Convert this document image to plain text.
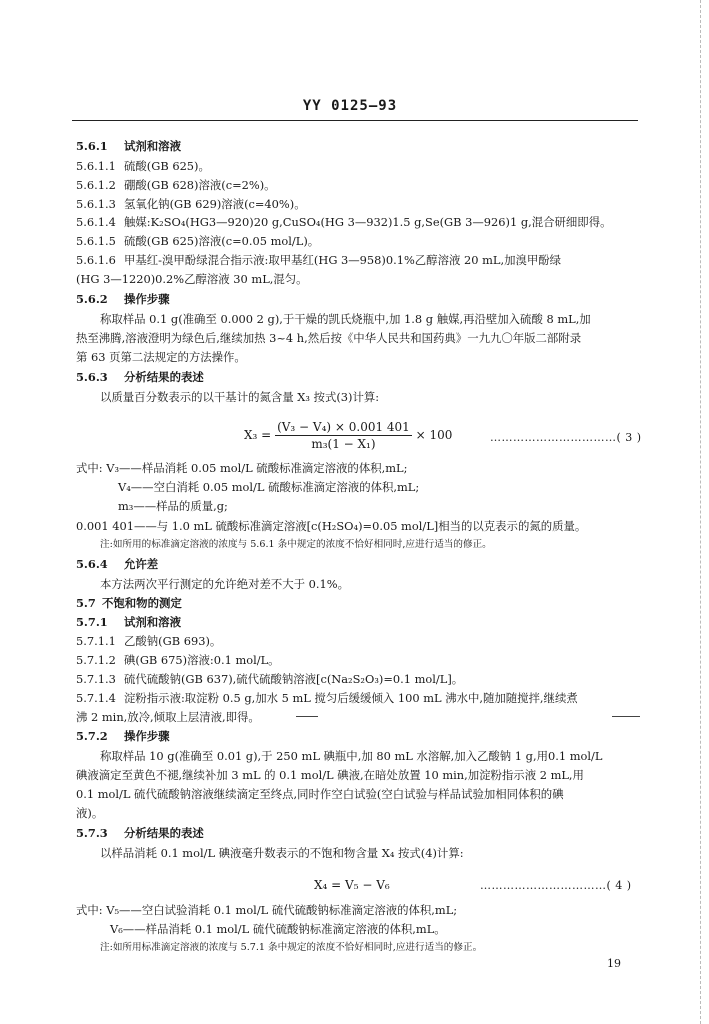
YY 0125—93
5.6.1 试剂和溶液
5.6.1.1 硫酸(GB 625)。
5.6.1.2 硼酸(GB 628)溶液(c=2%)。
5.6.1.3 氢氧化钠(GB 629)溶液(c=40%)。
5.6.1.4 触媒:K₂SO₄(HG3—920)20 g,CuSO₄(HG 3—932)1.5 g,Se(GB 3—926)1 g,混合研细即得。
5.6.1.5 硫酸(GB 625)溶液(c=0.05 mol/L)。
5.6.1.6 甲基红-溴甲酚绿混合指示液:取甲基红(HG 3—958)0.1%乙醇溶液 20 mL,加溴甲酚绿
(HG 3—1220)0.2%乙醇溶液 30 mL,混匀。
5.6.2 操作步骤
称取样品 0.1 g(准确至 0.000 2 g),于干燥的凯氏烧瓶中,加 1.8 g 触媒,再沿壁加入硫酸 8 mL,加
热至沸腾,溶液澄明为绿色后,继续加热 3~4 h,然后按《中华人民共和国药典》一九九〇年版二部附录
第 63 页第二法规定的方法操作。
5.6.3 分析结果的表述
以质量百分数表示的以干基计的氮含量 X₃ 按式(3)计算:
$X_3 = \frac{\text{(V₃ − V₄) × 0.001 401}}{\text{m₃(1 − X₁)}} \times 100$	……………………………( 3 )
式中: V₃——样品消耗 0.05 mol/L 硫酸标准滴定溶液的体积,mL;
V₄——空白消耗 0.05 mol/L 硫酸标准滴定溶液的体积,mL;
m₃——样品的质量,g;
0.001 401——与 1.0 mL 硫酸标准滴定溶液[c(H₂SO₄)=0.05 mol/L]相当的以克表示的氮的质量。
注:如所用的标准滴定溶液的浓度与 5.6.1 条中规定的浓度不恰好相同时,应进行适当的修正。
5.6.4 允许差
本方法两次平行测定的允许绝对差不大于 0.1%。
5.7 不饱和物的测定
5.7.1 试剂和溶液
5.7.1.1 乙酸钠(GB 693)。
5.7.1.2 碘(GB 675)溶液:0.1 mol/L。
5.7.1.3 硫代硫酸钠(GB 637),硫代硫酸钠溶液[c(Na₂S₂O₃)=0.1 mol/L]。
5.7.1.4 淀粉指示液:取淀粉 0.5 g,加水 5 mL 搅匀后缓缓倾入 100 mL 沸水中,随加随搅拌,继续煮
沸 2 min,放冷,倾取上层清液,即得。
5.7.2 操作步骤
称取样品 10 g(准确至 0.01 g),于 250 mL 碘瓶中,加 80 mL 水溶解,加入乙酸钠 1 g,用0.1 mol/L
碘液滴定至黄色不褪,继续补加 3 mL 的 0.1 mol/L 碘液,在暗处放置 10 min,加淀粉指示液 2 mL,用
0.1 mol/L 硫代硫酸钠溶液继续滴定至终点,同时作空白试验(空白试验与样品试验加相同体积的碘
液)。
5.7.3 分析结果的表述
以样品消耗 0.1 mol/L 碘液毫升数表示的不饱和物含量 X₄ 按式(4)计算:
X₄ = V₅ − V₆	……………………………( 4 )
式中: V₅——空白试验消耗 0.1 mol/L 硫代硫酸钠标准滴定溶液的体积,mL;
V₆——样品消耗 0.1 mol/L 硫代硫酸钠标准滴定溶液的体积,mL。
注:如所用标准滴定溶液的浓度与 5.7.1 条中规定的浓度不恰好相同时,应进行适当的修正。
19
